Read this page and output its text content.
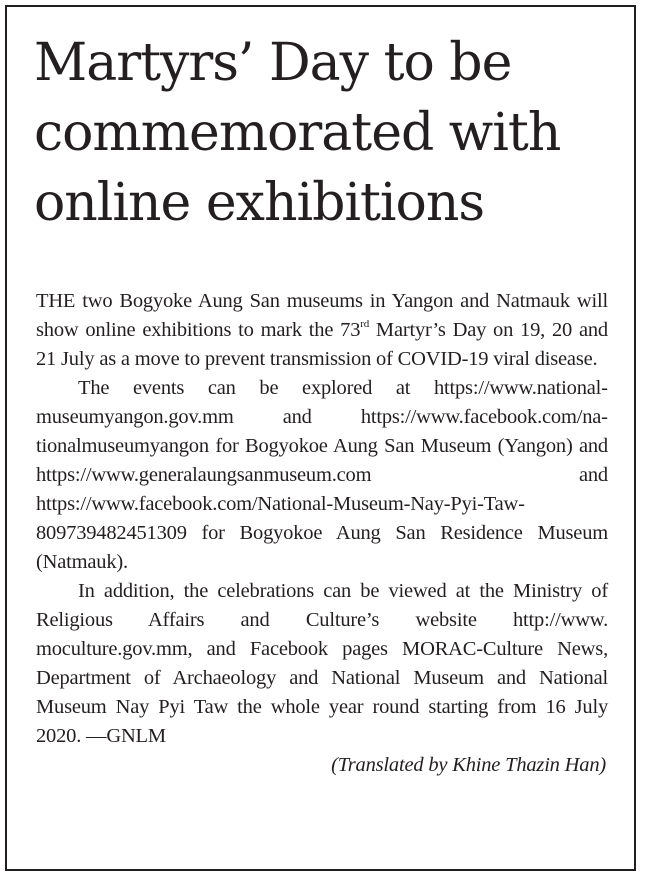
Martyrs’ Day to be commemorated with online exhibitions

THE two Bogyoke Aung San museums in Yangon and Natmauk will show online exhibitions to mark the 73rd Martyr’s Day on 19, 20 and 21 July as a move to prevent transmission of COVID-19 viral disease.

The events can be explored at https://www.nationalmuseumyangon.gov.mm and https://www.facebook.com/nationalmuseumyangon for Bogyokoe Aung San Museum (Yangon) and https://www.generalaungsanmuseum.com and https://www.facebook.com/National-Museum-Nay-Pyi-Taw-809739482451309 for Bogyokoe Aung San Residence Museum (Natmauk).

In addition, the celebrations can be viewed at the Ministry of Religious Affairs and Culture’s website http://www. moculture.gov.mm, and Facebook pages MORAC-Culture News, Department of Archaeology and National Museum and National Museum Nay Pyi Taw the whole year round starting from 16 July 2020. —GNLM

(Translated by Khine Thazin Han)
